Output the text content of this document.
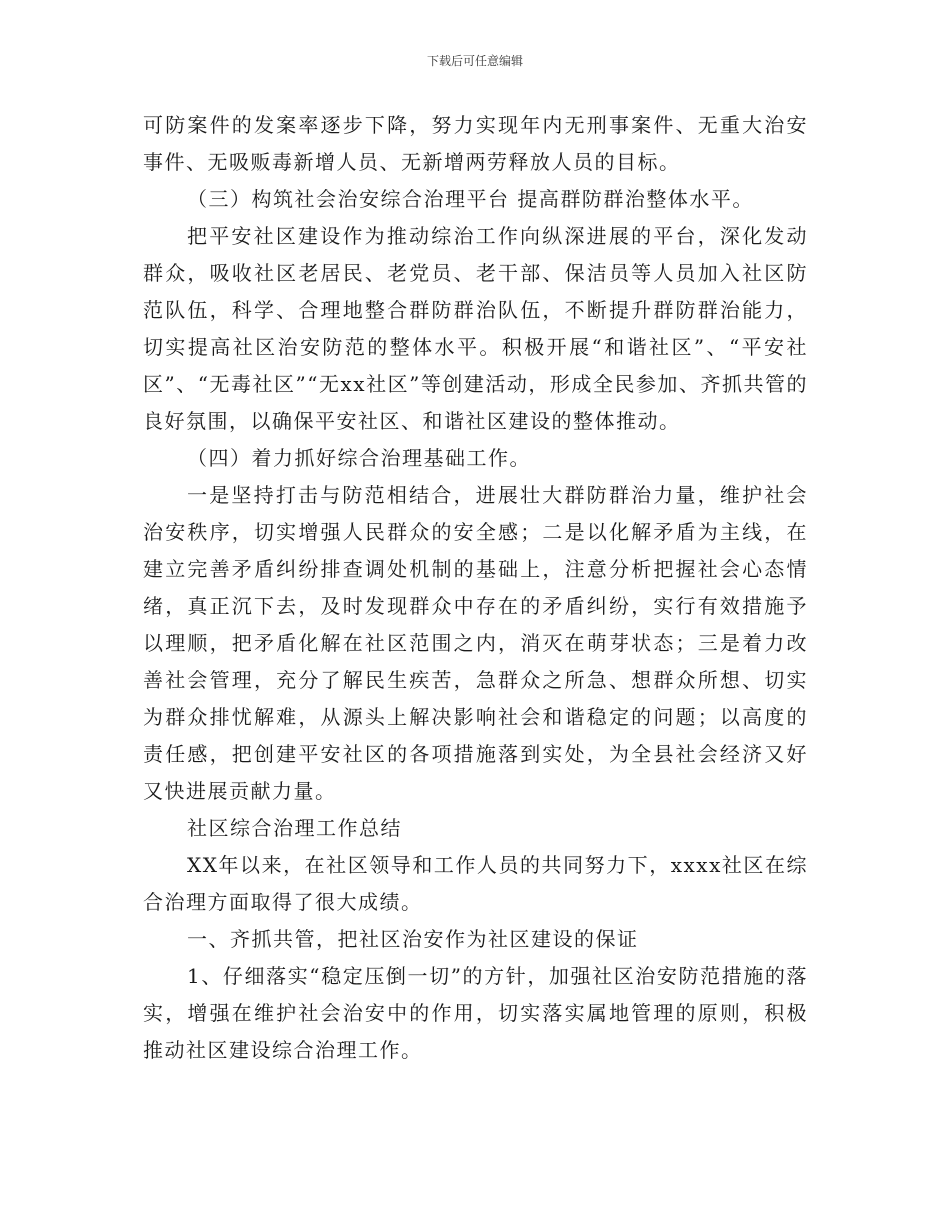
下载后可任意编辑

可防案件的发案率逐步下降，努力实现年内无刑事案件、无重大治安事件、无吸贩毒新增人员、无新增两劳释放人员的目标。

（三）构筑社会治安综合治理平台 提高群防群治整体水平。

把平安社区建设作为推动综治工作向纵深进展的平台，深化发动群众，吸收社区老居民、老党员、老干部、保洁员等人员加入社区防范队伍，科学、合理地整合群防群治队伍，不断提升群防群治能力，切实提高社区治安防范的整体水平。积极开展“和谐社区”、“平安社区”、“无毒社区”“无xx社区”等创建活动，形成全民参加、齐抓共管的良好氛围，以确保平安社区、和谐社区建设的整体推动。

（四）着力抓好综合治理基础工作。

一是坚持打击与防范相结合，进展壮大群防群治力量，维护社会治安秩序，切实增强人民群众的安全感；二是以化解矛盾为主线，在建立完善矛盾纠纷排查调处机制的基础上，注意分析把握社会心态情绪，真正沉下去，及时发现群众中存在的矛盾纠纷，实行有效措施予以理顺，把矛盾化解在社区范围之内，消灭在萌芽状态；三是着力改善社会管理，充分了解民生疾苦，急群众之所急、想群众所想、切实为群众排忧解难，从源头上解决影响社会和谐稳定的问题；以高度的责任感，把创建平安社区的各项措施落到实处，为全县社会经济又好又快进展贡献力量。

社区综合治理工作总结

XX年以来，在社区领导和工作人员的共同努力下，xxxx社区在综合治理方面取得了很大成绩。

一、齐抓共管，把社区治安作为社区建设的保证

1、仔细落实“稳定压倒一切”的方针，加强社区治安防范措施的落实，增强在维护社会治安中的作用，切实落实属地管理的原则，积极推动社区建设综合治理工作。
